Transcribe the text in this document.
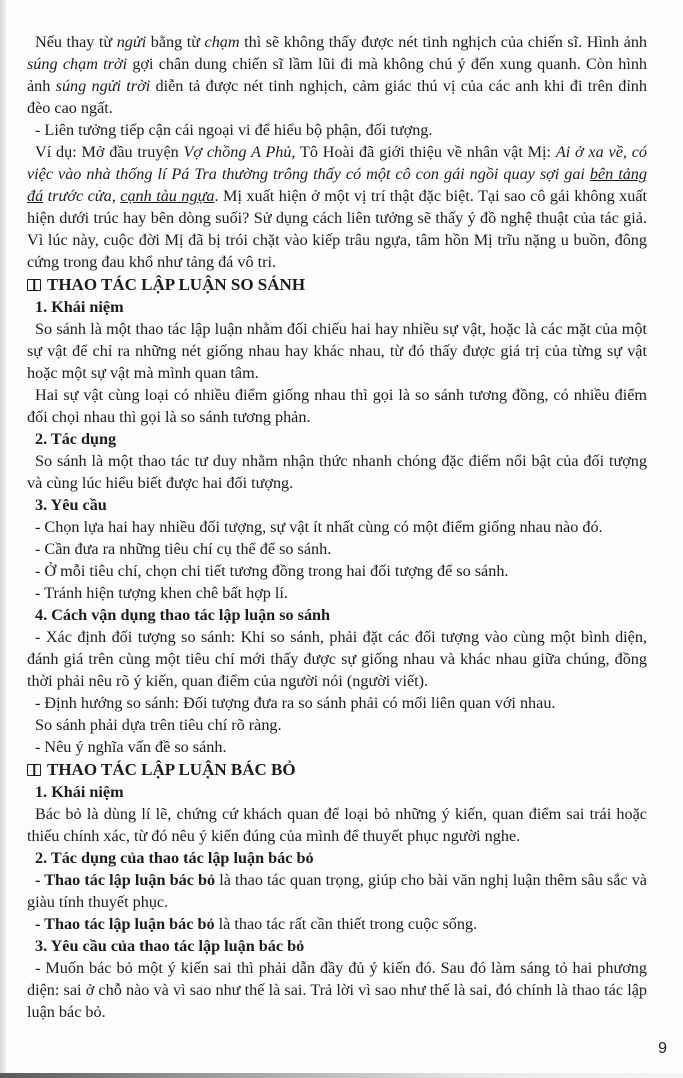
Nếu thay từ ngửi bằng từ chạm thì sẽ không thấy được nét tinh nghịch của chiến sĩ. Hình ảnh súng chạm trời gợi chân dung chiến sĩ lầm lũi đi mà không chú ý đến xung quanh. Còn hình ảnh súng ngửi trời diễn tả được nét tinh nghịch, cảm giác thú vị của các anh khi đi trên đỉnh đèo cao ngất.

- Liên tưởng tiếp cận cái ngoại vi để hiểu bộ phận, đối tượng.

Ví dụ: Mở đầu truyện Vợ chồng A Phủ, Tô Hoài đã giới thiệu về nhân vật Mị: Ai ở xa về, có việc vào nhà thống lí Pá Tra thường trông thấy có một cô con gái ngồi quay sợi gai bên tảng đá trước cửa, cạnh tàu ngựa. Mị xuất hiện ở một vị trí thật đặc biệt. Tại sao cô gái không xuất hiện dưới trúc hay bên dòng suối? Sử dụng cách liên tưởng sẽ thấy ý đồ nghệ thuật của tác giả. Vì lúc này, cuộc đời Mị đã bị trói chặt vào kiếp trâu ngựa, tâm hồn Mị trĩu nặng u buồn, đông cứng trong đau khổ như tảng đá vô tri.

THAO TÁC LẬP LUẬN SO SÁNH

1. Khái niệm

So sánh là một thao tác lập luận nhằm đối chiếu hai hay nhiều sự vật, hoặc là các mặt của một sự vật để chỉ ra những nét giống nhau hay khác nhau, từ đó thấy được giá trị của từng sự vật hoặc một sự vật mà mình quan tâm.

Hai sự vật cùng loại có nhiều điểm giống nhau thì gọi là so sánh tương đồng, có nhiều điểm đối chọi nhau thì gọi là so sánh tương phản.

2. Tác dụng

So sánh là một thao tác tư duy nhằm nhận thức nhanh chóng đặc điểm nổi bật của đối tượng và cùng lúc hiểu biết được hai đối tượng.

3. Yêu cầu

- Chọn lựa hai hay nhiều đối tượng, sự vật ít nhất cùng có một điểm giống nhau nào đó.

- Cần đưa ra những tiêu chí cụ thể để so sánh.

- Ở mỗi tiêu chí, chọn chi tiết tương đồng trong hai đối tượng để so sánh.

- Tránh hiện tượng khen chê bất hợp lí.

4. Cách vận dụng thao tác lập luận so sánh

- Xác định đối tượng so sánh: Khi so sánh, phải đặt các đối tượng vào cùng một bình diện, đánh giá trên cùng một tiêu chí mới thấy được sự giống nhau và khác nhau giữa chúng, đồng thời phải nêu rõ ý kiến, quan điểm của người nói (người viết).

- Định hướng so sánh: Đối tượng đưa ra so sánh phải có mối liên quan với nhau.

So sánh phải dựa trên tiêu chí rõ ràng.

- Nêu ý nghĩa vấn đề so sánh.

THAO TÁC LẬP LUẬN BÁC BỎ

1. Khái niệm

Bác bỏ là dùng lí lẽ, chứng cứ khách quan để loại bỏ những ý kiến, quan điểm sai trái hoặc thiếu chính xác, từ đó nêu ý kiến đúng của mình để thuyết phục người nghe.

2. Tác dụng của thao tác lập luận bác bỏ

- Thao tác lập luận bác bỏ là thao tác quan trọng, giúp cho bài văn nghị luận thêm sâu sắc và giàu tính thuyết phục.

- Thao tác lập luận bác bỏ là thao tác rất cần thiết trong cuộc sống.

3. Yêu cầu của thao tác lập luận bác bỏ

- Muốn bác bỏ một ý kiến sai thì phải dẫn đầy đủ ý kiến đó. Sau đó làm sáng tỏ hai phương diện: sai ở chỗ nào và vì sao như thế là sai. Trả lời vì sao như thế là sai, đó chính là thao tác lập luận bác bỏ.

9
